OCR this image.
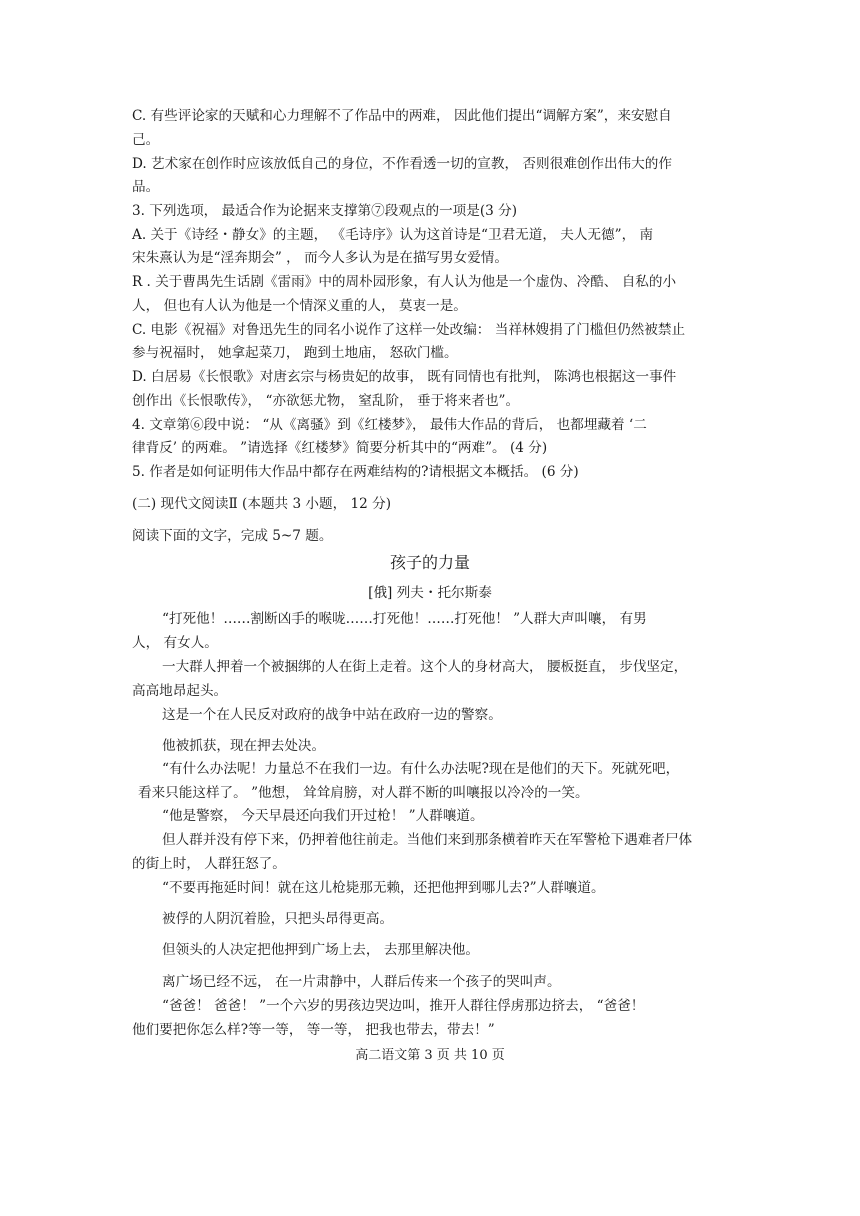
C. 有些评论家的天赋和心力理解不了作品中的两难， 因此他们提出“调解方案”，来安慰自
己。
D. 艺术家在创作时应该放低自己的身位，不作看透一切的宣教， 否则很难创作出伟大的作
品。
3. 下列选项， 最适合作为论据来支撑第⑦段观点的一项是(3 分)
A. 关于《诗经・静女》的主题， 《毛诗序》认为这首诗是“卫君无道， 夫人无德”， 南
宋朱熹认为是“淫奔期会” ， 而今人多认为是在描写男女爱情。
R . 关于曹禺先生话剧《雷雨》中的周朴园形象，有人认为他是一个虚伪、冷酷、 自私的小
人， 但也有人认为他是一个情深义重的人， 莫衷一是。
C. 电影《祝福》对鲁迅先生的同名小说作了这样一处改编： 当祥林嫂捐了门槛但仍然被禁止
参与祝福时， 她拿起菜刀， 跑到土地庙， 怒砍门槛。
D. 白居易《长恨歌》对唐玄宗与杨贵妃的故事， 既有同情也有批判， 陈鸿也根据这一事件
创作出《长恨歌传》， “亦欲惩尤物， 窒乱阶， 垂于将来者也”。
4. 文章第⑥段中说： “从《离骚》到《红楼梦》， 最伟大作品的背后， 也都埋藏着 ‘二
律背反’ 的两难。 ”请选择《红楼梦》简要分析其中的“两难”。 (4 分)
5. 作者是如何证明伟大作品中都存在两难结构的?请根据文本概括。 (6 分)
(二) 现代文阅读Ⅱ (本题共 3 小题， 12 分)
阅读下面的文字，完成 5~7 题。
孩子的力量
[俄] 列夫・托尔斯泰
“打死他！……割断凶手的喉咙……打死他！……打死他！ ”人群大声叫嚷， 有男
人， 有女人。
一大群人押着一个被捆绑的人在街上走着。这个人的身材高大， 腰板挺直， 步伐坚定，
高高地昂起头。
这是一个在人民反对政府的战争中站在政府一边的警察。
他被抓获，现在押去处决。
“有什么办法呢！力量总不在我们一边。有什么办法呢?现在是他们的天下。死就死吧，
看来只能这样了。 ”他想， 耸耸肩膀，对人群不断的叫嚷报以冷冷的一笑。
“他是警察， 今天早晨还向我们开过枪！ ”人群嚷道。
但人群并没有停下来，仍押着他往前走。当他们来到那条横着昨天在军警枪下遇难者尸体
的街上时， 人群狂怒了。
“不要再拖延时间！就在这儿枪毙那无赖，还把他押到哪儿去?”人群嚷道。
被俘的人阴沉着脸，只把头昂得更高。
但领头的人决定把他押到广场上去， 去那里解决他。
离广场已经不远， 在一片肃静中，人群后传来一个孩子的哭叫声。
“爸爸！ 爸爸！ ”一个六岁的男孩边哭边叫，推开人群往俘虏那边挤去， “爸爸！
他们要把你怎么样?等一等， 等一等， 把我也带去，带去！”
高二语文第 3 页 共 10 页
